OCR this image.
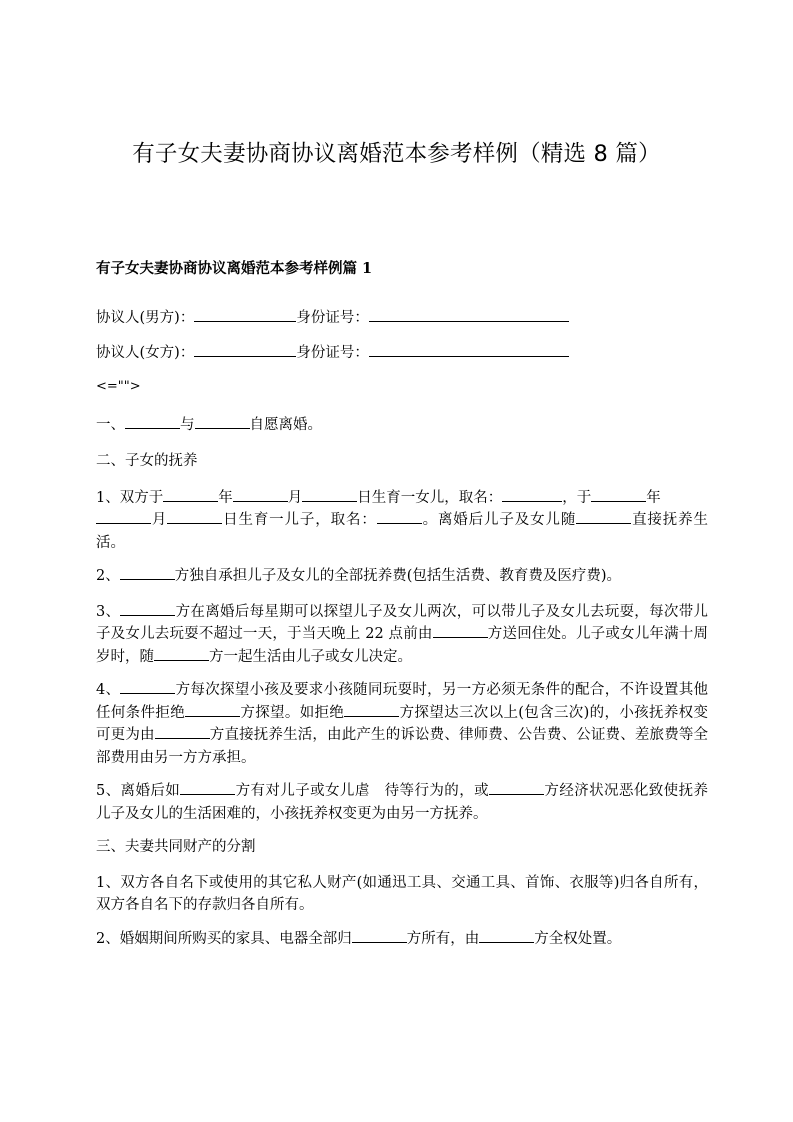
有子女夫妻协商协议离婚范本参考样例（精选 8 篇）
有子女夫妻协商协议离婚范本参考样例篇 1
协议人(男方)：	身份证号：
协议人(女方)：	身份证号：
<="">
一、	与	自愿离婚。
二、子女的抚养
1、双方于	年	月	日生育一女儿，取名：	，于	年
月	日生育一儿子，取名：	。离婚后儿子及女儿随	直接抚养生活。
2、	方独自承担儿子及女儿的全部抚养费(包括生活费、教育费及医疗费)。
3、	方在离婚后每星期可以探望儿子及女儿两次，可以带儿子及女儿去玩耍，每次带儿子及女儿去玩耍不超过一天，于当天晚上 22 点前由	方送回住处。儿子或女儿年满十周岁时，随	方一起生活由儿子或女儿决定。
4、	方每次探望小孩及要求小孩随同玩耍时，另一方必须无条件的配合，不许设置其他任何条件拒绝	方探望。如拒绝	方探望达三次以上(包含三次)的，小孩抚养权变可更为由	方直接抚养生活，由此产生的诉讼费、律师费、公告费、公证费、差旅费等全部费用由另一方方承担。
5、离婚后如	方有对儿子或女儿虐　待等行为的，或	方经济状况恶化致使抚养儿子及女儿的生活困难的，小孩抚养权变更为由另一方抚养。
三、夫妻共同财产的分割
1、双方各自名下或使用的其它私人财产(如通迅工具、交通工具、首饰、衣服等)归各自所有，双方各自名下的存款归各自所有。
2、婚姻期间所购买的家具、电器全部归	方所有，由	方全权处置。
